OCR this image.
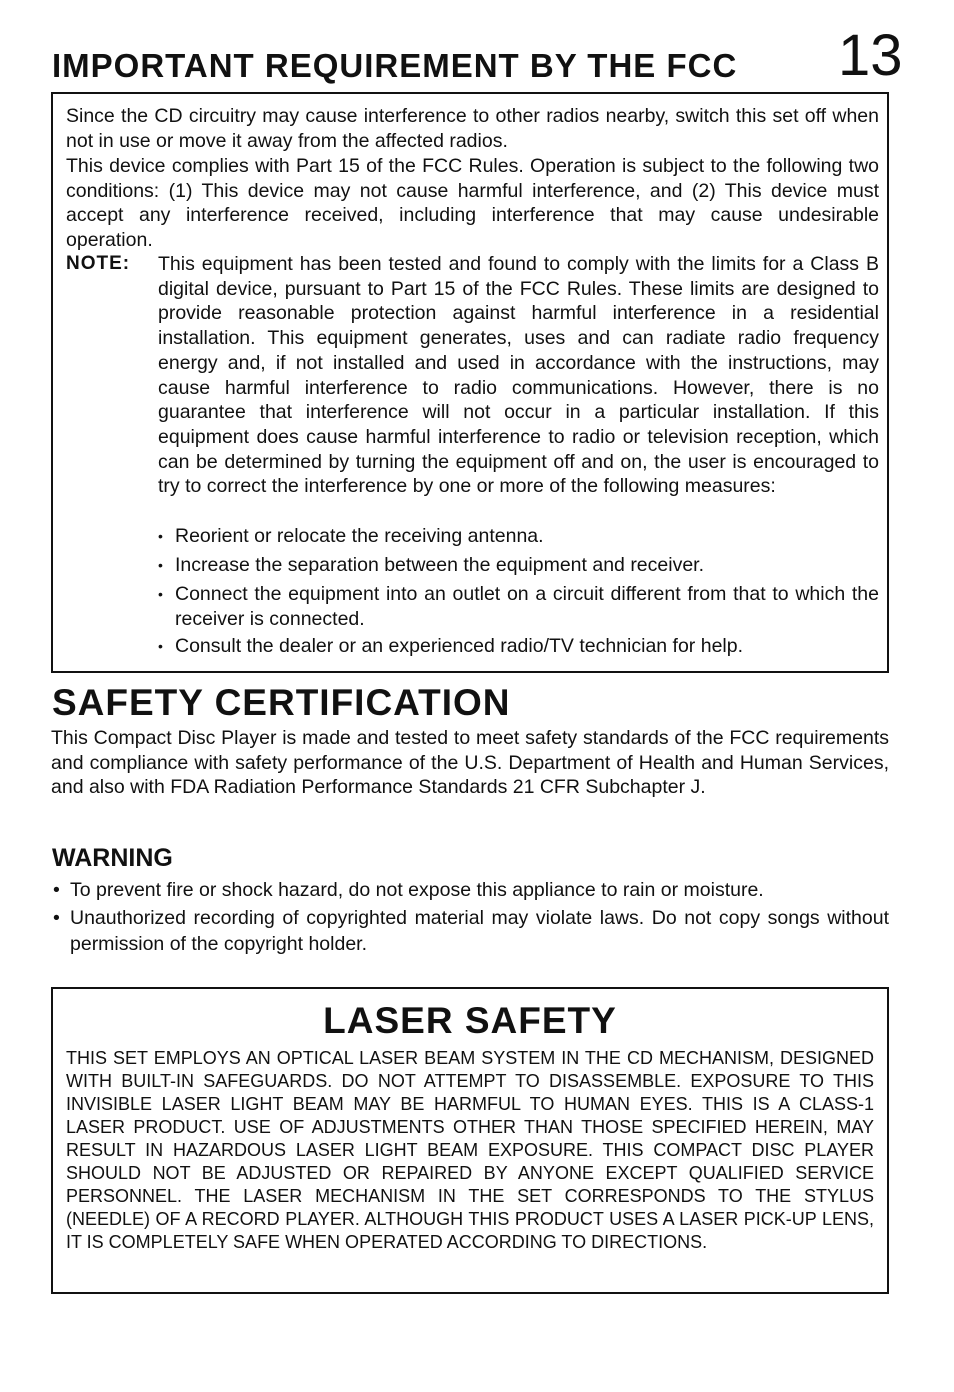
IMPORTANT REQUIREMENT BY THE FCC	13

Since the CD circuitry may cause interference to other radios nearby, switch this set off when not in use or move it away from the affected radios.

This device complies with Part 15 of the FCC Rules. Operation is subject to the following two conditions: (1) This device may not cause harmful interference, and (2) This device must accept any interference received, including interference that may cause undesirable operation.

NOTE: This equipment has been tested and found to comply with the limits for a Class B digital device, pursuant to Part 15 of the FCC Rules. These limits are designed to provide reasonable protection against harmful interference in a residential installation. This equipment generates, uses and can radiate radio frequency energy and, if not installed and used in accordance with the instructions, may cause harmful interference to radio communications. However, there is no guarantee that interference will not occur in a particular installation. If this equipment does cause harmful interference to radio or television reception, which can be determined by turning the equipment off and on, the user is encouraged to try to correct the interference by one or more of the following measures:

• Reorient or relocate the receiving antenna.
• Increase the separation between the equipment and receiver.
• Connect the equipment into an outlet on a circuit different from that to which the receiver is connected.
• Consult the dealer or an experienced radio/TV technician for help.
SAFETY CERTIFICATION

This Compact Disc Player is made and tested to meet safety standards of the FCC requirements and compliance with safety performance of the U.S. Department of Health and Human Services, and also with FDA Radiation Performance Standards 21 CFR Subchapter J.

WARNING
• To prevent fire or shock hazard, do not expose this appliance to rain or moisture.
• Unauthorized recording of copyrighted material may violate laws. Do not copy songs without permission of the copyright holder.
LASER SAFETY

THIS SET EMPLOYS AN OPTICAL LASER BEAM SYSTEM IN THE CD MECHANISM, DESIGNED WITH BUILT-IN SAFEGUARDS. DO NOT ATTEMPT TO DISASSEMBLE. EXPOSURE TO THIS INVISIBLE LASER LIGHT BEAM MAY BE HARMFUL TO HUMAN EYES. THIS IS A CLASS-1 LASER PRODUCT. USE OF ADJUSTMENTS OTHER THAN THOSE SPECIFIED HEREIN, MAY RESULT IN HAZARDOUS LASER LIGHT BEAM EXPOSURE. THIS COMPACT DISC PLAYER SHOULD NOT BE ADJUSTED OR REPAIRED BY ANYONE EXCEPT QUALIFIED SERVICE PERSONNEL. THE LASER MECHANISM IN THE SET CORRESPONDS TO THE STYLUS (NEEDLE) OF A RECORD PLAYER. ALTHOUGH THIS PRODUCT USES A LASER PICK-UP LENS, IT IS COMPLETELY SAFE WHEN OPERATED ACCORDING TO DIRECTIONS.
